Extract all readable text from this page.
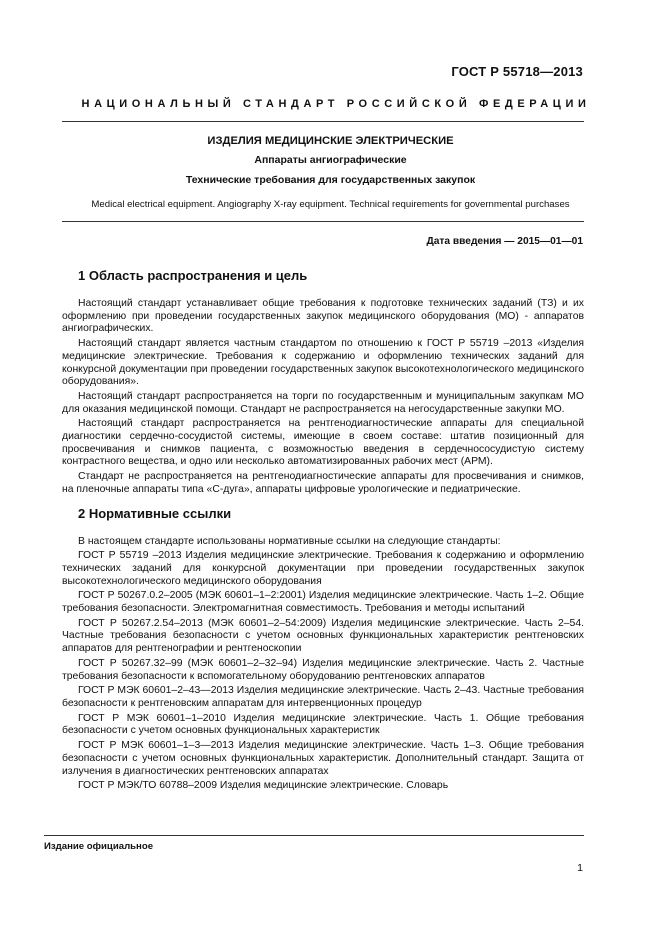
ГОСТ Р 55718—2013
НАЦИОНАЛЬНЫЙ СТАНДАРТ РОССИЙСКОЙ ФЕДЕРАЦИИ
ИЗДЕЛИЯ МЕДИЦИНСКИЕ ЭЛЕКТРИЧЕСКИЕ
Аппараты ангиографические
Технические требования для государственных закупок
Medical electrical equipment. Angiography X-ray equipment. Technical requirements for governmental purchases
Дата введения — 2015—01—01
1 Область распространения и цель

Настоящий стандарт устанавливает общие требования к подготовке технических заданий (ТЗ) и их оформлению при проведении государственных закупок медицинского оборудования (МО) - аппаратов ангиографических.

Настоящий стандарт является частным стандартом по отношению к ГОСТ Р 55719 –2013 «Изделия медицинские электрические. Требования к содержанию и оформлению технических заданий для конкурсной документации при проведении государственных закупок высокотехнологического медицинского оборудования».

Настоящий стандарт распространяется на торги по государственным и муниципальным закупкам МО для оказания медицинской помощи. Стандарт не распространяется на негосударственные закупки МО.

Настоящий стандарт распространяется на рентгенодиагностические аппараты для специальной диагностики сердечно-сосудистой системы, имеющие в своем составе: штатив позиционный для просвечивания и снимков пациента, с возможностью введения в сердечнососудистую систему контрастного вещества, и одно или несколько автоматизированных рабочих мест (АРМ).

Стандарт не распространяется на рентгенодиагностические аппараты для просвечивания и снимков, на пленочные аппараты типа «С-дуга», аппараты цифровые урологические и педиатрические.

2 Нормативные ссылки

В настоящем стандарте использованы нормативные ссылки на следующие стандарты:

ГОСТ Р 55719 –2013 Изделия медицинские электрические. Требования к содержанию и оформлению технических заданий для конкурсной документации при проведении государственных закупок высокотехнологического медицинского оборудования

ГОСТ Р 50267.0.2–2005 (МЭК 60601–1–2:2001) Изделия медицинские электрические. Часть 1–2. Общие требования безопасности. Электромагнитная совместимость. Требования и методы испытаний

ГОСТ Р 50267.2.54–2013 (МЭК 60601–2–54:2009) Изделия медицинские электрические. Часть 2–54. Частные требования безопасности с учетом основных функциональных характеристик рентгеновских аппаратов для рентгенографии и рентгеноскопии

ГОСТ Р 50267.32–99 (МЭК 60601–2–32–94) Изделия медицинские электрические. Часть 2. Частные требования безопасности к вспомогательному оборудованию рентгеновских аппаратов

ГОСТ Р МЭК 60601–2–43—2013 Изделия медицинские электрические. Часть 2–43. Частные требования безопасности к рентгеновским аппаратам для интервенционных процедур

ГОСТ Р МЭК 60601–1–2010 Изделия медицинские электрические. Часть 1. Общие требования безопасности с учетом основных функциональных характеристик

ГОСТ Р МЭК 60601–1–3—2013 Изделия медицинские электрические. Часть 1–3. Общие требования безопасности с учетом основных функциональных характеристик. Дополнительный стандарт. Защита от излучения в диагностических рентгеновских аппаратах

ГОСТ Р МЭК/ТО 60788–2009 Изделия медицинские электрические. Словарь

Издание официальное
1
